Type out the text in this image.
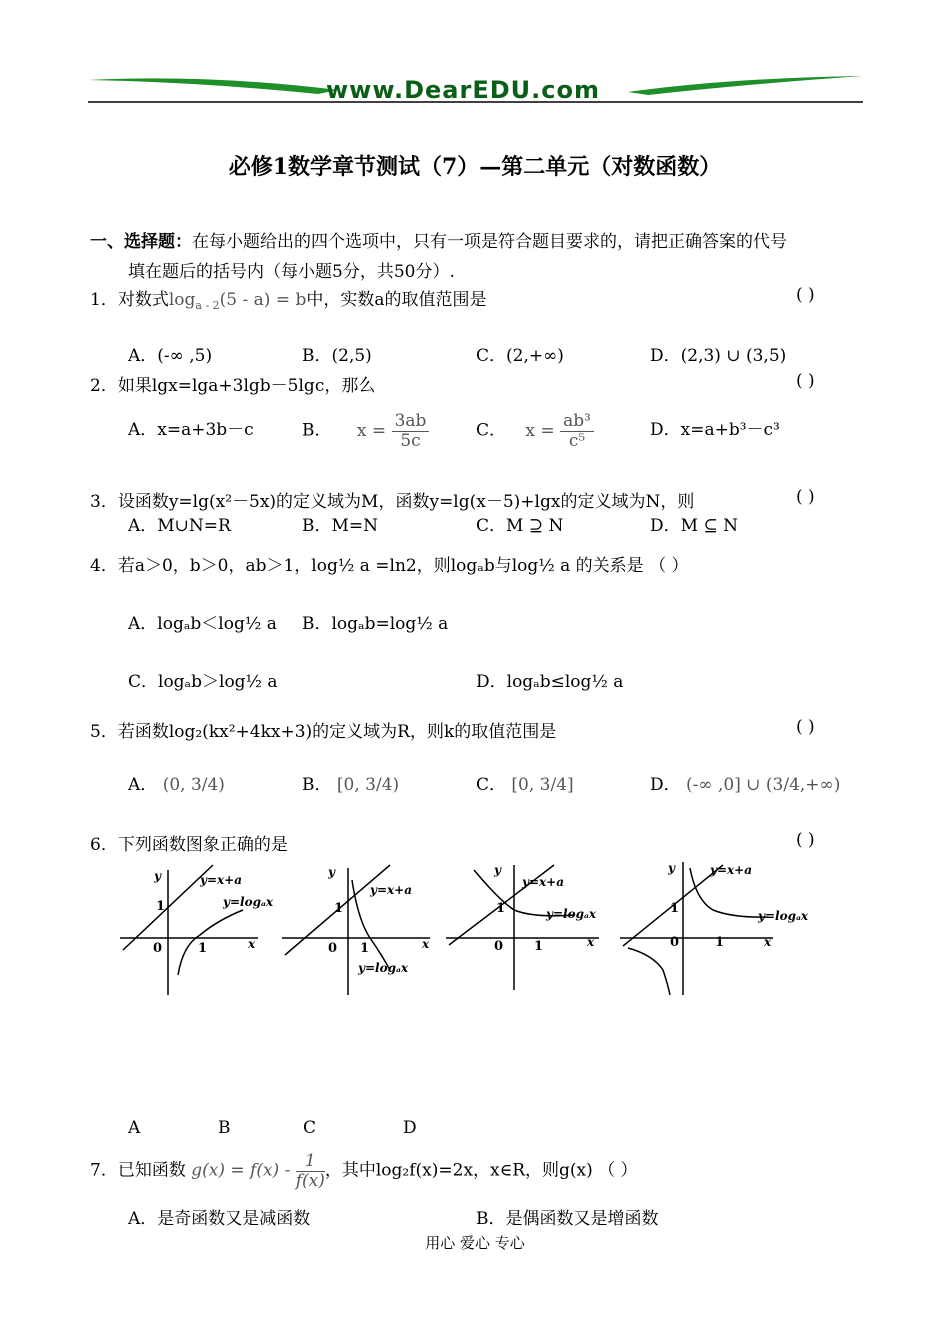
www.DearEDU.com
必修1数学章节测试（7）—第二单元（对数函数）
一、选择题：在每小题给出的四个选项中，只有一项是符合题目要求的，请把正确答案的代号
填在题后的括号内（每小题5分，共50分）.
1．对数式$\log_{a - 2}(5 - a) = b$中，实数a的取值范围是	( )
A．(-∞ ,5)	B．(2,5)	C．(2,+∞)	D．(2,3) ∪ (3,5)
2．如果lgx=lga+3lgb－5lgc，那么	( )
A．x=a+3b－c	B． $x = \frac{3ab}{5c}$	C． $x = \frac{\text{ab³}}{\text{c⁵}}$	D．x=a+b³－c³
3．设函数y=lg(x²－5x)的定义域为M，函数y=lg(x－5)+lgx的定义域为N，则	( )
A．M∪N=R	B．M=N	C．M ⊇ N	D．M ⊆ N
4．若a＞0，b＞0，ab＞1，log½ a =ln2，则logₐb与log½ a 的关系是 （ ）
A．logₐb＜log½ a B．logₐb=log½ a
C．logₐb＞log½ a	D．logₐb≤log½ a
5．若函数log₂(kx²+4kx+3)的定义域为R，则k的取值范围是	( )
A． (0, 3/4)	B． [0, 3/4)	C． [0, 3/4]	D． (-∞ ,0] ∪ (3/4,+∞)
6．下列函数图象正确的是	( )
y
x
0
1
1
y=x+a
y=logₐx
y
x
0
1
1
y=x+a
y=logₐx
y
x
0
1
1
y=x+a
y=logₐx
y
x
0
1
1
y=x+a
y=logₐx
A	B	C	D
7．已知函数 $g(x) = f(x) - \frac{1}{f(x)}$ ，其中log₂f(x)=2x，x∈R，则g(x) （ ）
A．是奇函数又是减函数	B．是偶函数又是增函数
用心 爱心 专心
